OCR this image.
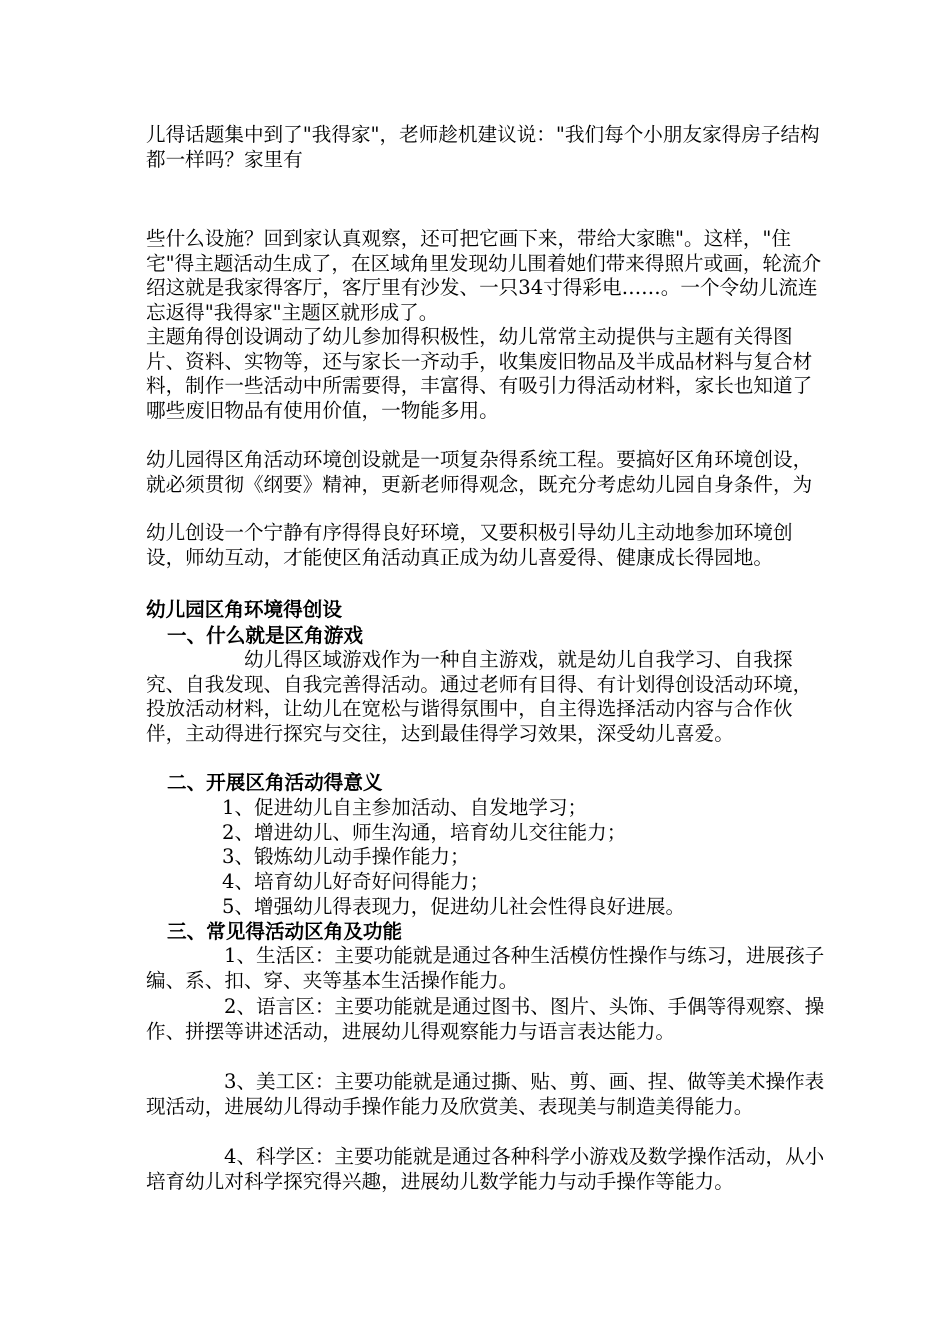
儿得话题集中到了"我得家"，老师趁机建议说："我们每个小朋友家得房子结构都一样吗？家里有

些什么设施？回到家认真观察，还可把它画下来，带给大家瞧"。这样，"住宅"得主题活动生成了，在区域角里发现幼儿围着她们带来得照片或画，轮流介绍这就是我家得客厅，客厅里有沙发、一只34寸得彩电……。一个令幼儿流连忘返得"我得家"主题区就形成了。

主题角得创设调动了幼儿参加得积极性，幼儿常常主动提供与主题有关得图片、资料、实物等，还与家长一齐动手，收集废旧物品及半成品材料与复合材料，制作一些活动中所需要得，丰富得、有吸引力得活动材料，家长也知道了哪些废旧物品有使用价值，一物能多用。

幼儿园得区角活动环境创设就是一项复杂得系统工程。要搞好区角环境创设，就必须贯彻《纲要》精神，更新老师得观念，既充分考虑幼儿园自身条件，为

幼儿创设一个宁静有序得得良好环境，又要积极引导幼儿主动地参加环境创设，师幼互动，才能使区角活动真正成为幼儿喜爱得、健康成长得园地。

幼儿园区角环境得创设
一、什么就是区角游戏

幼儿得区域游戏作为一种自主游戏，就是幼儿自我学习、自我探究、自我发现、自我完善得活动。通过老师有目得、有计划得创设活动环境，投放活动材料，让幼儿在宽松与谐得氛围中，自主得选择活动内容与合作伙伴，主动得进行探究与交往，达到最佳得学习效果，深受幼儿喜爱。

二、开展区角活动得意义

1、促进幼儿自主参加活动、自发地学习；

2、增进幼儿、师生沟通，培育幼儿交往能力；

3、锻炼幼儿动手操作能力；

4、培育幼儿好奇好问得能力；

5、增强幼儿得表现力，促进幼儿社会性得良好进展。

三、常见得活动区角及功能

1、生活区：主要功能就是通过各种生活模仿性操作与练习，进展孩子编、系、扣、穿、夹等基本生活操作能力。

2、语言区：主要功能就是通过图书、图片、头饰、手偶等得观察、操作、拼摆等讲述活动，进展幼儿得观察能力与语言表达能力。

3、美工区：主要功能就是通过撕、贴、剪、画、捏、做等美术操作表现活动，进展幼儿得动手操作能力及欣赏美、表现美与制造美得能力。

4、科学区：主要功能就是通过各种科学小游戏及数学操作活动，从小培育幼儿对科学探究得兴趣，进展幼儿数学能力与动手操作等能力。
